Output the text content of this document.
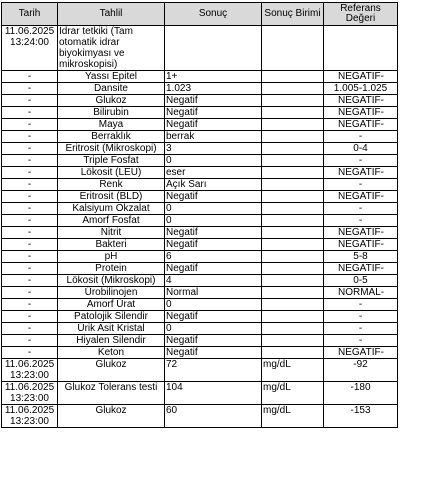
Tarih	Tahlil	Sonuç	Sonuç Birimi	Referans Değeri
11.06.2025 13:24:00	İdrar tetkiki (Tam otomatik idrar biyokimyası ve mikroskopisi)			
-	Yassı Epitel	1+		NEGATİF-
-	Dansite	1.023		1.005-1.025
-	Glukoz	Negatif		NEGATİF-
-	Bilirubin	Negatif		NEGATİF-
-	Maya	Negatif		NEGATİF-
-	Berraklık	berrak		-
-	Eritrosit (Mikroskopi)	3		0-4
-	Triple Fosfat	0		-
-	Lökosit (LEU)	eser		NEGATİF-
-	Renk	Açık Sarı		-
-	Eritrosit (BLD)	Negatif		NEGATİF-
-	Kalsiyum Okzalat	0		-
-	Amorf Fosfat	0		-
-	Nitrit	Negatif		NEGATİF-
-	Bakteri	Negatif		NEGATİF-
-	pH	6		5-8
-	Protein	Negatif		NEGATİF-
-	Lökosit (Mikroskopi)	4		0-5
-	Ürobilinojen	Normal		NORMAL-
-	Amorf Ürat	0		-
-	Patolojik Silendir	Negatif		-
-	Ürik Asit Kristal	0		-
-	Hiyalen Silendir	Negatif		-
-	Keton	Negatif		NEGATİF-
11.06.2025 13:23:00	Glukoz	72	mg/dL	-92
11.06.2025 13:23:00	Glukoz Tolerans testi	104	mg/dL	-180
11.06.2025 13:23:00	Glukoz	60	mg/dL	-153
